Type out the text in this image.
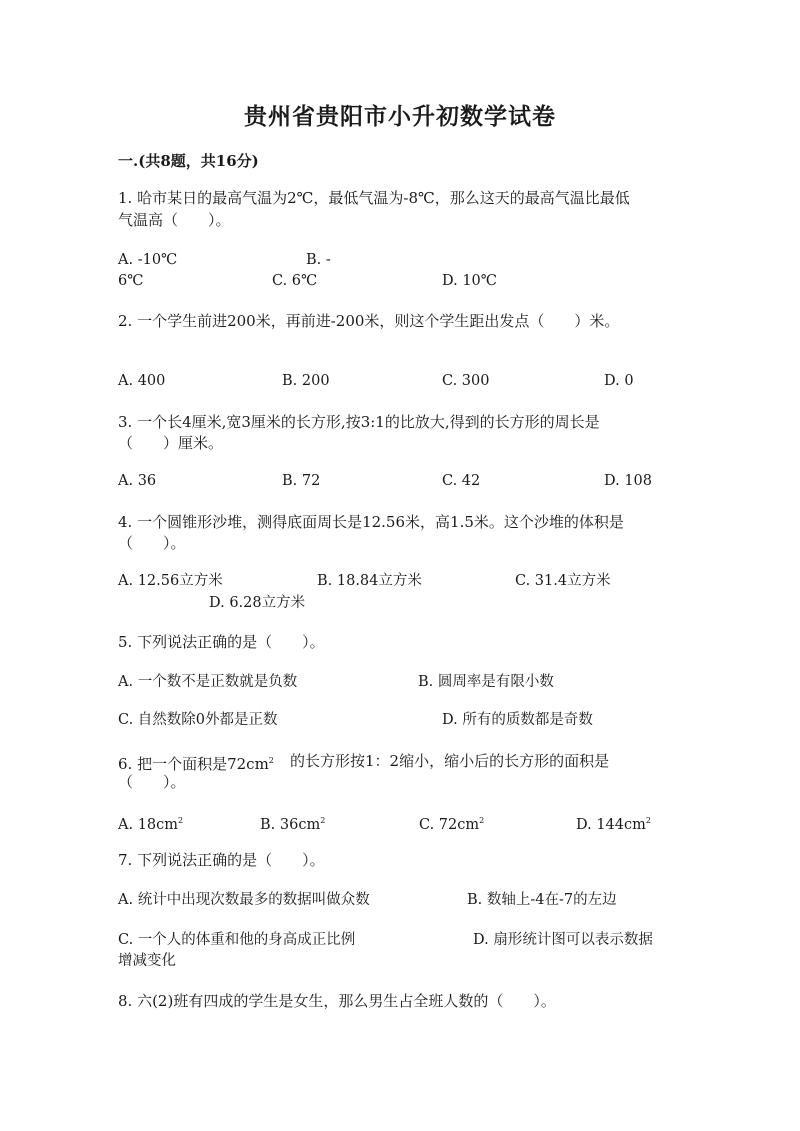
贵州省贵阳市小升初数学试卷
一.(共8题，共16分)
1. 哈市某日的最高气温为2℃，最低气温为-8℃，那么这天的最高气温比最低
气温高（　　）。
A. -10℃	B. -
6℃	C. 6℃	D. 10℃
2. 一个学生前进200米，再前进-200米，则这个学生距出发点（　　）米。
A. 400	B. 200	C. 300	D. 0
3. 一个长4厘米,宽3厘米的长方形,按3:1的比放大,得到的长方形的周长是
（　　）厘米。
A. 36	B. 72	C. 42	D. 108
4. 一个圆锥形沙堆，测得底面周长是12.56米，高1.5米。这个沙堆的体积是
（　　）。
A. 12.56立方米	B. 18.84立方米	C. 31.4立方米
D. 6.28立方米
5. 下列说法正确的是（　　）。
A. 一个数不是正数就是负数	B. 圆周率是有限小数
C. 自然数除0外都是正数	D. 所有的质数都是奇数
6. 把一个面积是$72cm^2$ 的长方形按1：2缩小，缩小后的长方形的面积是
（　　）。
A. $18cm^2$	B. $36cm^2$	C. $72cm^2$	D. $144cm^2$
7. 下列说法正确的是（　　）。
A. 统计中出现次数最多的数据叫做众数	B. 数轴上-4在-7的左边
C. 一个人的体重和他的身高成正比例	D. 扇形统计图可以表示数据
增减变化
8. 六(2)班有四成的学生是女生，那么男生占全班人数的（　　）。
